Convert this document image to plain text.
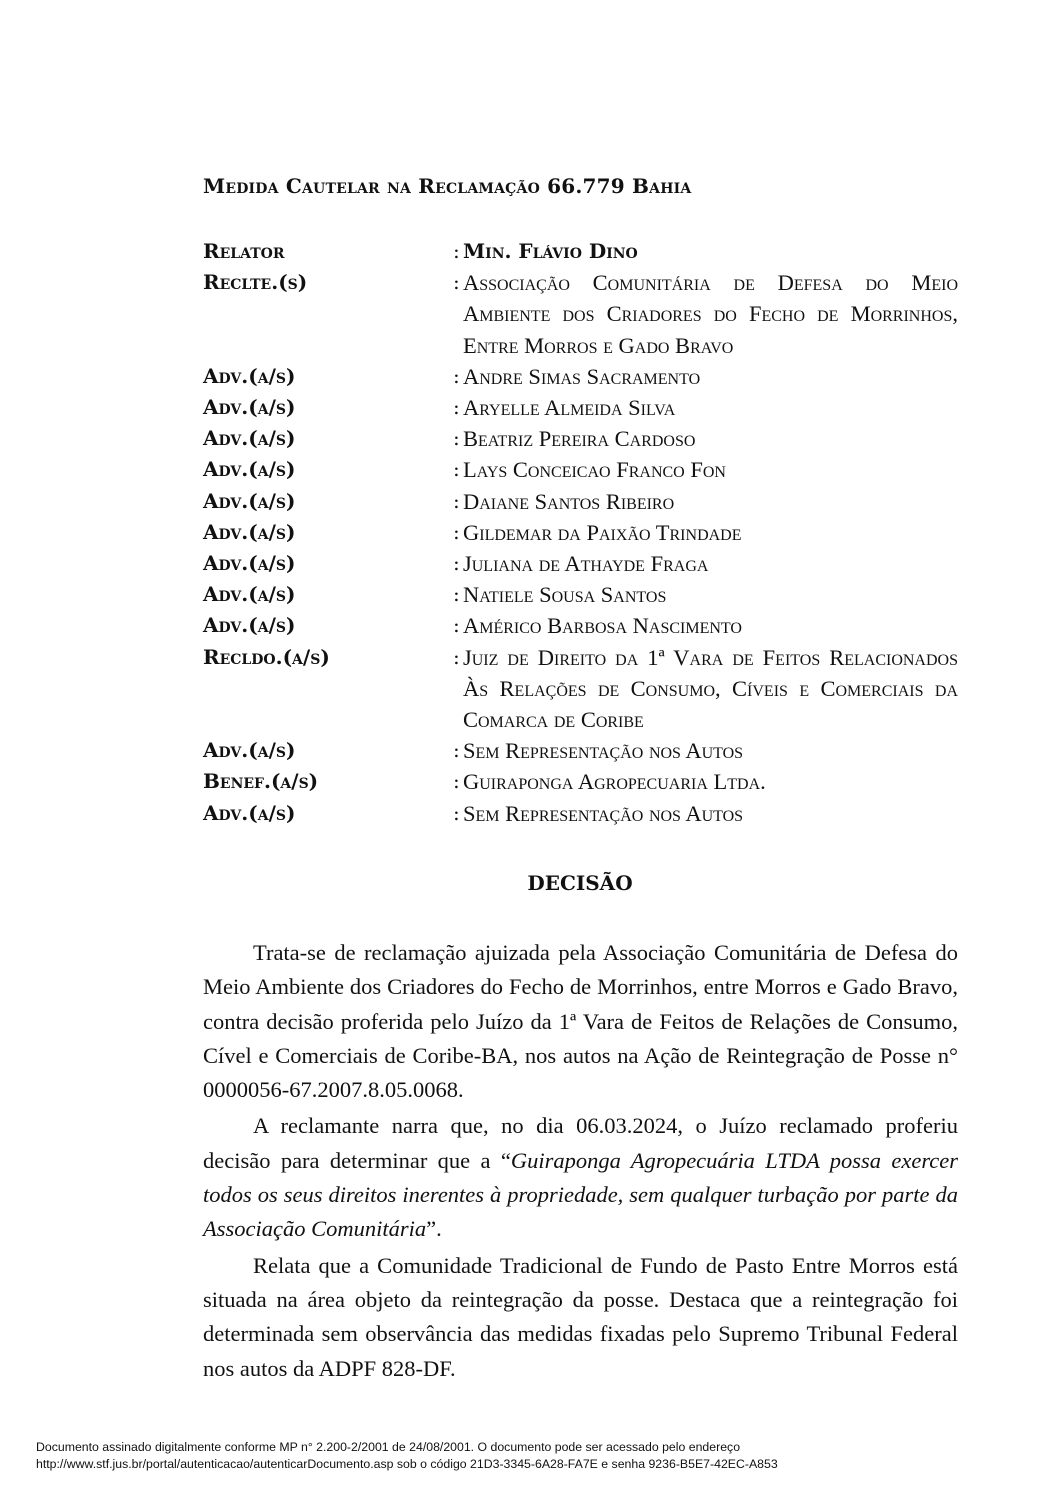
Medida Cautelar na Reclamação 66.779 Bahia
Relator	: Min. Flávio Dino
Reclte.(s)	: Associação Comunitária de Defesa do Meio Ambiente dos Criadores do Fecho de Morrinhos, Entre Morros e Gado Bravo
Adv.(a/s)	: Andre Simas Sacramento
Adv.(a/s)	: Aryelle Almeida Silva
Adv.(a/s)	: Beatriz Pereira Cardoso
Adv.(a/s)	: Lays Conceicao Franco Fon
Adv.(a/s)	: Daiane Santos Ribeiro
Adv.(a/s)	: Gildemar da Paixão Trindade
Adv.(a/s)	: Juliana de Athayde Fraga
Adv.(a/s)	: Natiele Sousa Santos
Adv.(a/s)	: Américo Barbosa Nascimento
Recldo.(a/s)	: Juiz de Direito da 1ª Vara de Feitos Relacionados Às Relações de Consumo, Cíveis e Comerciais da Comarca de Coribe
Adv.(a/s)	: Sem Representação nos Autos
Benef.(a/s)	: Guiraponga Agropecuaria Ltda.
Adv.(a/s)	: Sem Representação nos Autos
DECISÃO

Trata-se de reclamação ajuizada pela Associação Comunitária de Defesa do Meio Ambiente dos Criadores do Fecho de Morrinhos, entre Morros e Gado Bravo, contra decisão proferida pelo Juízo da 1ª Vara de Feitos de Relações de Consumo, Cível e Comerciais de Coribe-BA, nos autos na Ação de Reintegração de Posse n° 0000056-67.2007.8.05.0068.

A reclamante narra que, no dia 06.03.2024, o Juízo reclamado proferiu decisão para determinar que a “Guiraponga Agropecuária LTDA possa exercer todos os seus direitos inerentes à propriedade, sem qualquer turbação por parte da Associação Comunitária”.

Relata que a Comunidade Tradicional de Fundo de Pasto Entre Morros está situada na área objeto da reintegração da posse. Destaca que a reintegração foi determinada sem observância das medidas fixadas pelo Supremo Tribunal Federal nos autos da ADPF 828-DF.

Documento assinado digitalmente conforme MP n° 2.200-2/2001 de 24/08/2001. O documento pode ser acessado pelo endereço
http://www.stf.jus.br/portal/autenticacao/autenticarDocumento.asp sob o código 21D3-3345-6A28-FA7E e senha 9236-B5E7-42EC-A853
